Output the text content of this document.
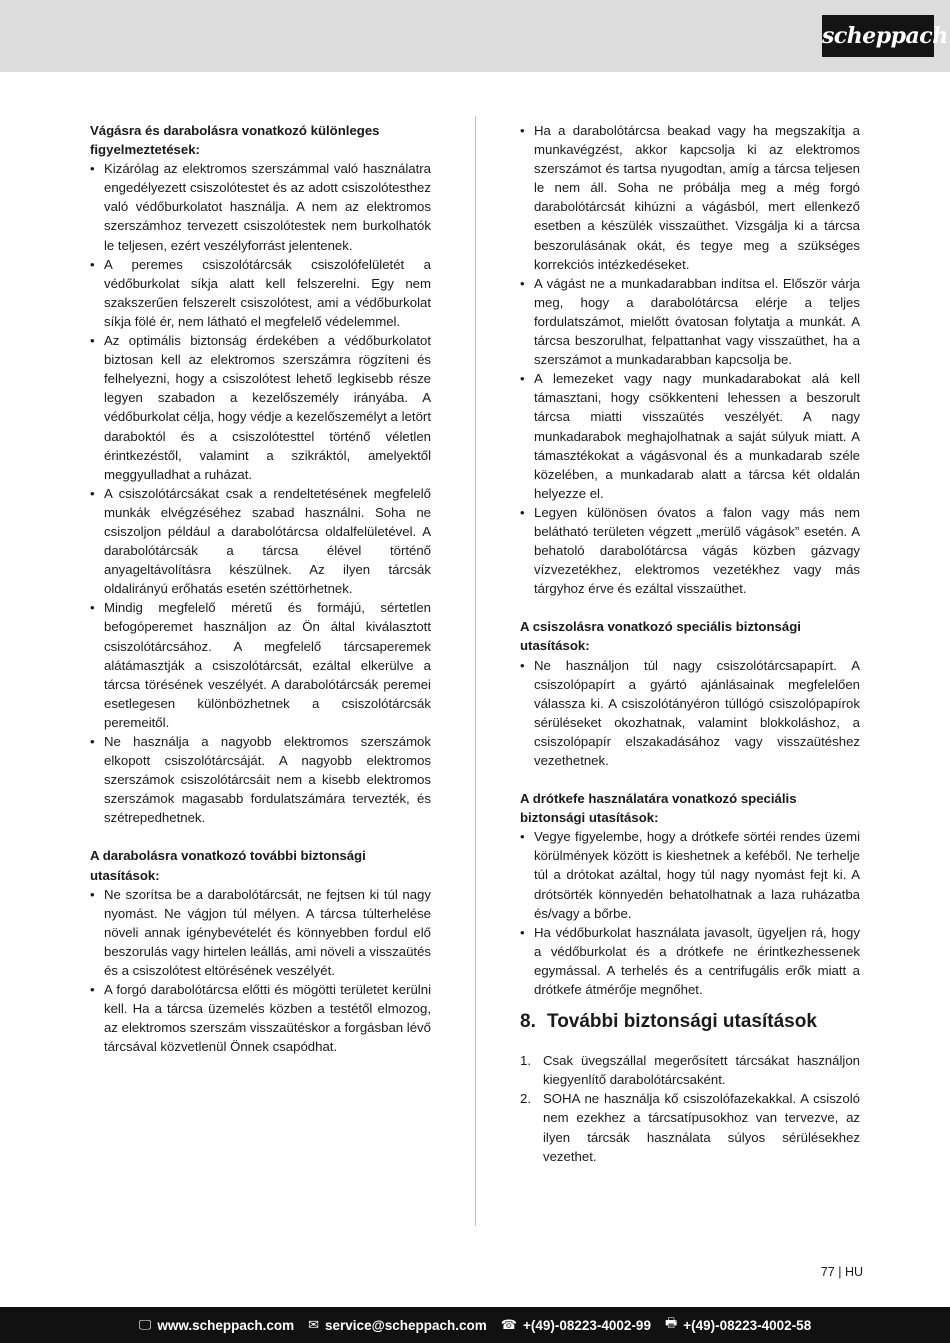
scheppach

Vágásra és darabolásra vonatkozó különleges figyelmeztetések:

• Kizárólag az elektromos szerszámmal való használatra engedélyezett csiszolótestet és az adott csiszolótesthez való védőburkolatot használja. A nem az elektromos szerszámhoz tervezett csiszolótestek nem burkolhatók le teljesen, ezért veszélyforrást jelentenek.
• A peremes csiszolótárcsák csiszolófelületét a védőburkolat síkja alatt kell felszerelni. Egy nem szakszerűen felszerelt csiszolótest, ami a védőburkolat síkja fölé ér, nem látható el megfelelő védelemmel.
• Az optimális biztonság érdekében a védőburkolatot biztosan kell az elektromos szerszámra rögzíteni és felhelyezni, hogy a csiszolótest lehető legkisebb része legyen szabadon a kezelőszemély irányába. A védőburkolat célja, hogy védje a kezelőszemélyt a letört daraboktól és a csiszolótesttel történő véletlen érintkezéstől, valamint a szikráktól, amelyektől meggyulladhat a ruházat.
• A csiszolótárcsákat csak a rendeltetésének megfelelő munkák elvégzéséhez szabad használni. Soha ne csiszoljon például a darabolótárcsa oldalfelületével. A darabolótárcsák a tárcsa élével történő anyageltávolításra készülnek. Az ilyen tárcsák oldalirányú erőhatás esetén széttörhetnek.
• Mindig megfelelő méretű és formájú, sértetlen befogóperemet használjon az Ön által kiválasztott csiszolótárcsához. A megfelelő tárcsaperemek alátámasztják a csiszolótárcsát, ezáltal elkerülve a tárcsa törésének veszélyét. A darabolótárcsák peremei esetlegesen különbözhetnek a csiszolótárcsák peremeitől.
• Ne használja a nagyobb elektromos szerszámok elkopott csiszolótárcsáját. A nagyobb elektromos szerszámok csiszolótárcsáit nem a kisebb elektromos szerszámok magasabb fordulatszámára tervezték, és szétrepedhetnek.

A darabolásra vonatkozó további biztonsági utasítások:

• Ne szorítsa be a darabolótárcsát, ne fejtsen ki túl nagy nyomást. Ne vágjon túl mélyen. A tárcsa túlterhelése növeli annak igénybevételét és könnyebben fordul elő beszorulás vagy hirtelen leállás, ami növeli a visszaütés és a csiszolótest eltörésének veszélyét.
• A forgó darabolótárcsa előtti és mögötti területet kerülni kell. Ha a tárcsa üzemelés közben a testétől elmozog, az elektromos szerszám visszaütéskor a forgásban lévő tárcsával közvetlenül Önnek csapódhat.
• Ha a darabolótárcsa beakad vagy ha megszakítja a munkavégzést, akkor kapcsolja ki az elektromos szerszámot és tartsa nyugodtan, amíg a tárcsa teljesen le nem áll. Soha ne próbálja meg a még forgó darabolótárcsát kihúzni a vágásból, mert ellenkező esetben a készülék visszaüthet. Vizsgálja ki a tárcsa beszorulásának okát, és tegye meg a szükséges korrekciós intézkedéseket.
• A vágást ne a munkadarabban indítsa el. Először várja meg, hogy a darabolótárcsa elérje a teljes fordulatszámot, mielőtt óvatosan folytatja a munkát. A tárcsa beszorulhat, felpattanhat vagy visszaüthet, ha a szerszámot a munkadarabban kapcsolja be.
• A lemezeket vagy nagy munkadarabokat alá kell támasztani, hogy csökkenteni lehessen a beszorult tárcsa miatti visszaütés veszélyét. A nagy munkadarabok meghajolhatnak a saját súlyuk miatt. A támasztékokat a vágásvonal és a munkadarab széle közelében, a munkadarab alatt a tárcsa két oldalán helyezze el.
• Legyen különösen óvatos a falon vagy más nem belátható területen végzett „merülő vágások” esetén. A behatoló darabolótárcsa vágás közben gázvagy vízvezetékhez, elektromos vezetékhez vagy más tárgyhoz érve és ezáltal visszaüthet.

A csiszolásra vonatkozó speciális biztonsági utasítások:

• Ne használjon túl nagy csiszolótárcsapapírt. A csiszolópapírt a gyártó ajánlásainak megfelelően válassza ki. A csiszolótányéron túllógó csiszolópapírok sérüléseket okozhatnak, valamint blokkoláshoz, a csiszolópapír elszakadásához vagy visszaütéshez vezethetnek.

A drótkefe használatára vonatkozó speciális biztonsági utasítások:

• Vegye figyelembe, hogy a drótkefe sörtéi rendes üzemi körülmények között is kieshetnek a keféből. Ne terhelje túl a drótokat azáltal, hogy túl nagy nyomást fejt ki. A drótsörték könnyedén behatolhatnak a laza ruházatba és/vagy a bőrbe.
• Ha védőburkolat használata javasolt, ügyeljen rá, hogy a védőburkolat és a drótkefe ne érintkezhessenek egymással. A terhelés és a centrifugális erők miatt a drótkefe átmérője megnőhet.
8. További biztonsági utasítások
1. Csak üvegszállal megerősített tárcsákat használjon kiegyenlítő darabolótárcsaként.
2. SOHA ne használja kő csiszolófazekakkal. A csiszoló nem ezekhez a tárcsatípusokhoz van tervezve, az ilyen tárcsák használata súlyos sérülésekhez vezethet.
77 | HU
🖵 www.scheppach.com ✉ service@scheppach.com ☎ +(49)-08223-4002-99 🖶 +(49)-08223-4002-58
